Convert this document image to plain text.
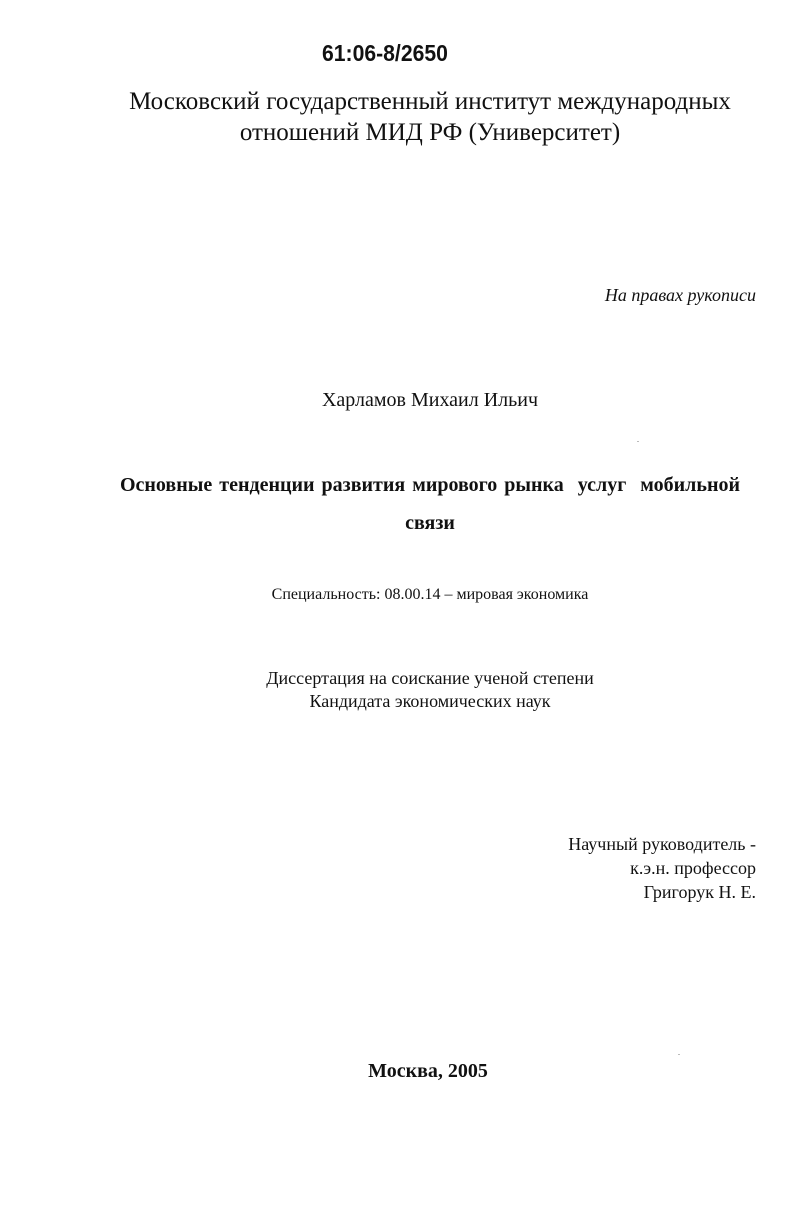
61:06-8/2650
Московский государственный институт международных
отношений МИД РФ (Университет)
На правах рукописи
Харламов Михаил Ильич
Основные тенденции развития мирового рынка  услуг  мобильной
связи
Специальность: 08.00.14 – мировая экономика
Диссертация на соискание ученой степени
Кандидата экономических наук
Научный руководитель -
к.э.н. профессор
Григорук Н. Е.
Москва, 2005
